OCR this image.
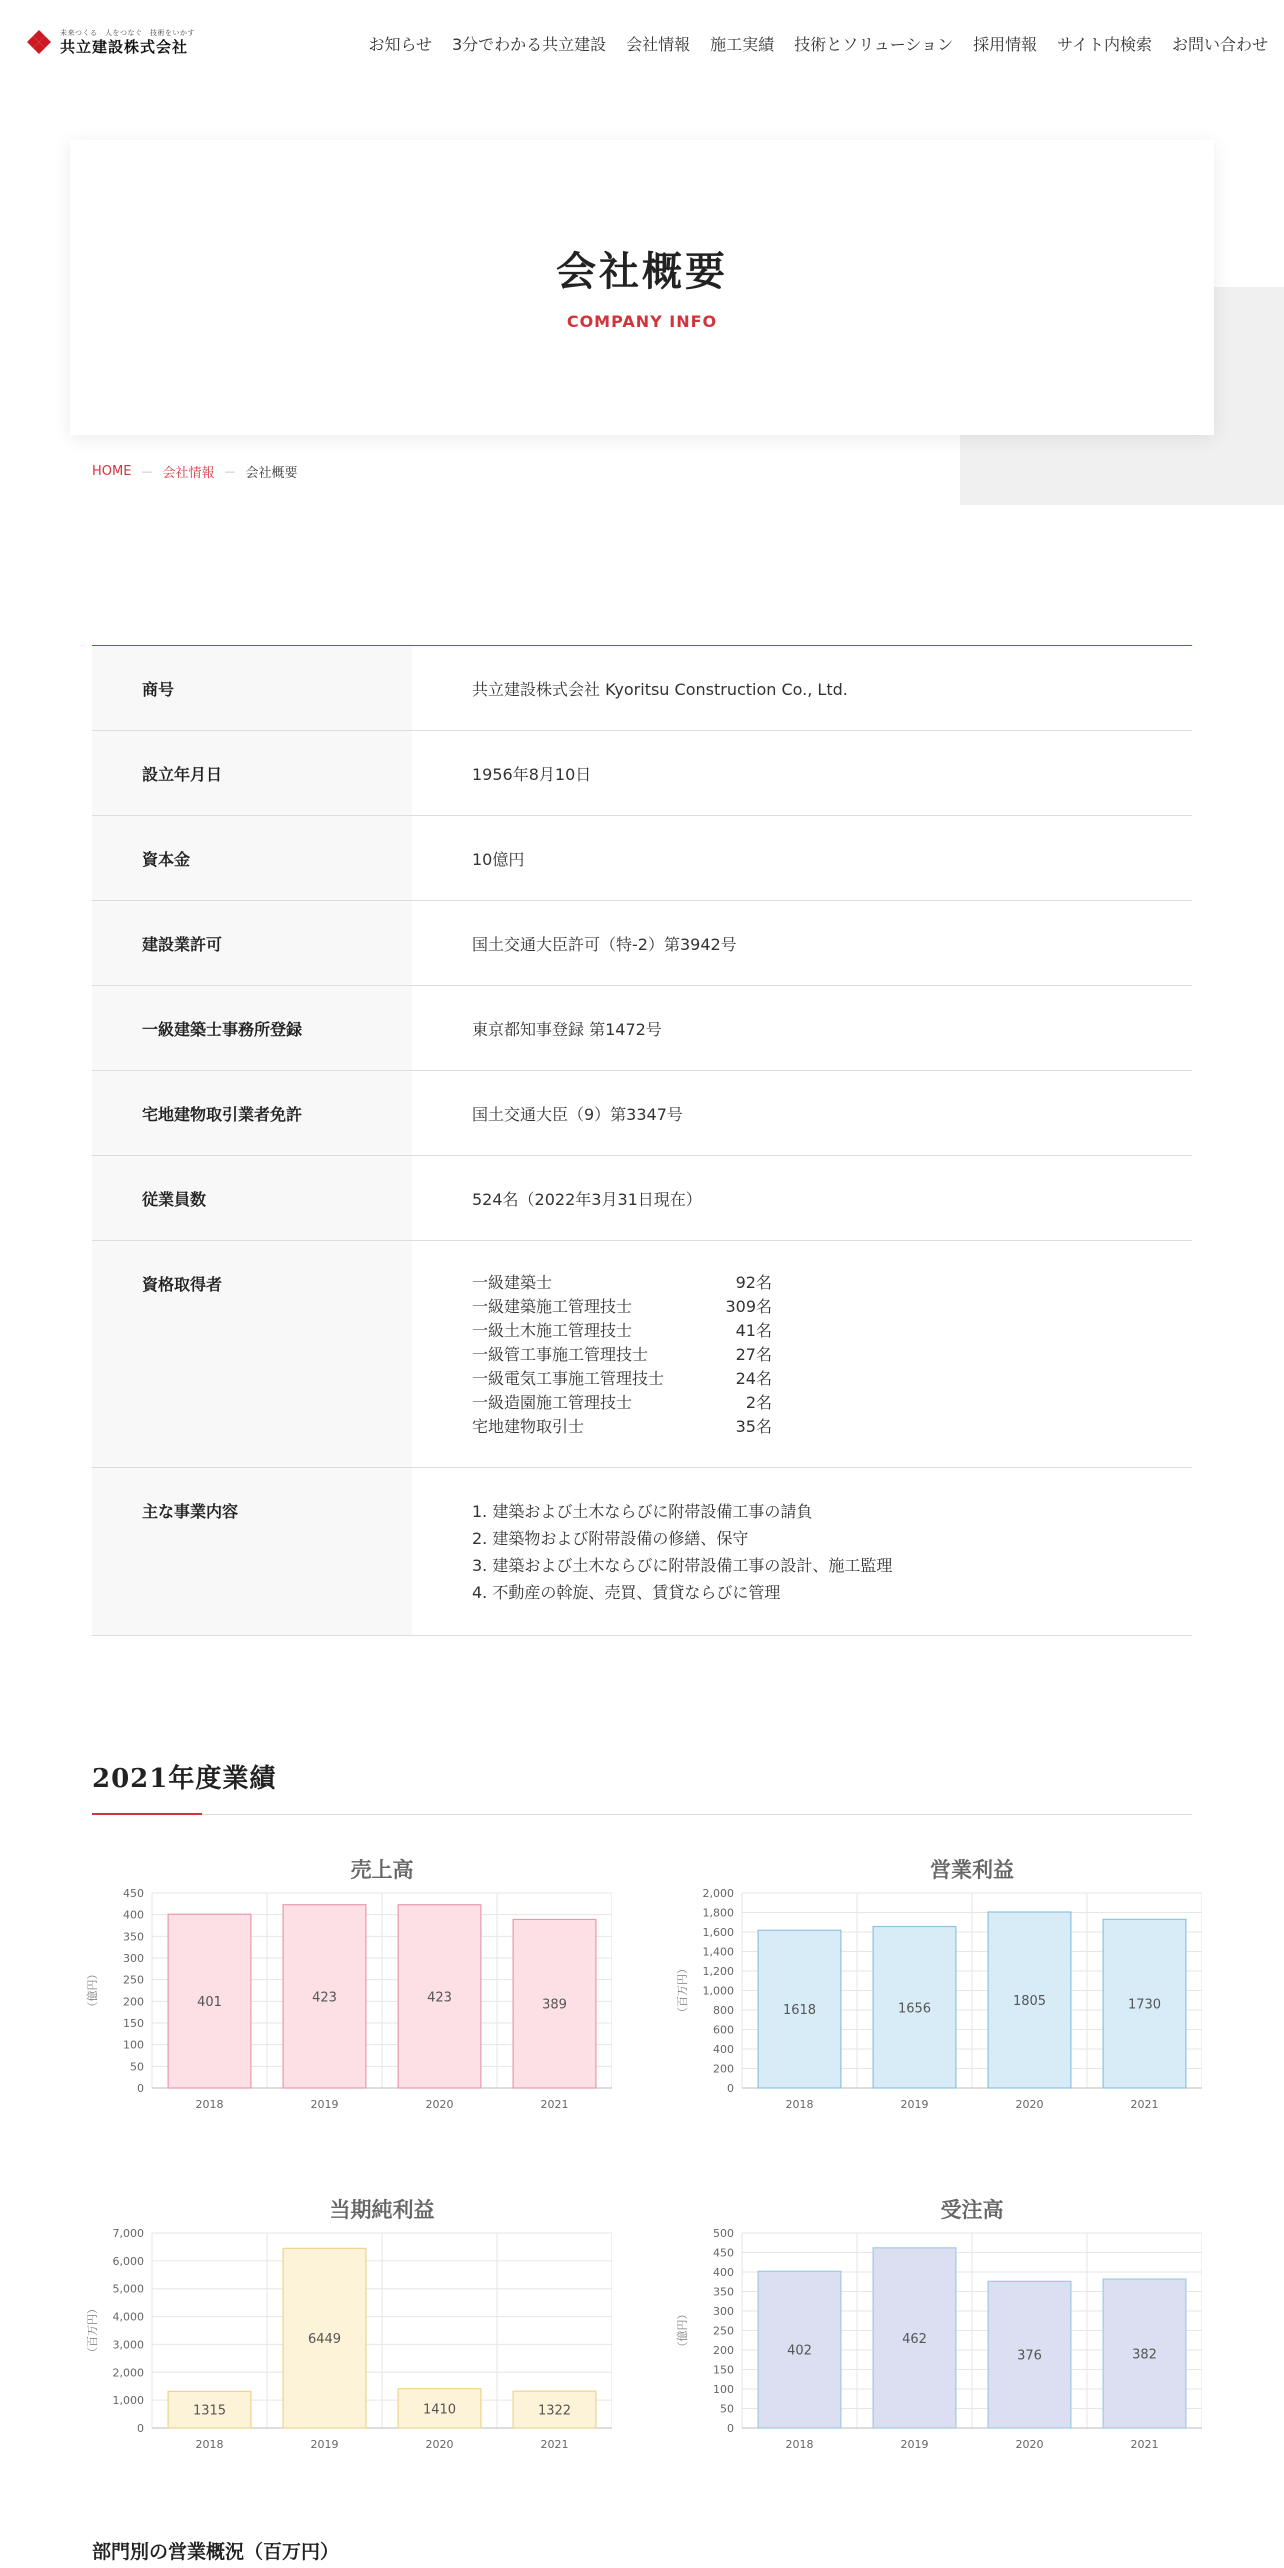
未来つくる　人をつなぐ　技術をいかす
共立建設株式会社	お知らせ 3分でわかる共立建設 会社情報 施工実績 技術とソリューション 採用情報 サイト内検索 お問い合わせ
会社概要
COMPANY INFO
HOME — 会社情報 — 会社概要
商号	共立建設株式会社 Kyoritsu Construction Co., Ltd.
設立年月日	1956年8月10日
資本金	10億円
建設業許可	国土交通大臣許可（特-2）第3942号
一級建築士事務所登録	東京都知事登録 第1472号
宅地建物取引業者免許	国土交通大臣（9）第3347号
従業員数	524名（2022年3月31日現在）
資格取得者	一級建築士	92名
一級建築施工管理技士	309名
一級土木施工管理技士	41名
一級管工事施工管理技士	27名
一級電気工事施工管理技士	24名
一級造園施工管理技士	2名
宅地建物取引士	35名
主な事業内容	1. 建築および土木ならびに附帯設備工事の請負
2. 建築物および附帯設備の修繕、保守
3. 建築および土木ならびに附帯設備工事の設計、施工監理
4. 不動産の斡旋、売買、賃貸ならびに管理
2021年度業績
売上高
（億円）
0
50
100
150
200
250
300
350
400
450
401
2018
423
2019
423
2020
389
2021
営業利益
（百万円）
0
200
400
600
800
1,000
1,200
1,400
1,600
1,800
2,000
1618
2018
1656
2019
1805
2020
1730
2021
当期純利益
（百万円）
0
1,000
2,000
3,000
4,000
5,000
6,000
7,000
1315
2018
6449
2019
1410
2020
1322
2021
受注高
（億円）
0
50
100
150
200
250
300
350
400
450
500
402
2018
462
2019
376
2020
382
2021
部門別の営業概況（百万円）
